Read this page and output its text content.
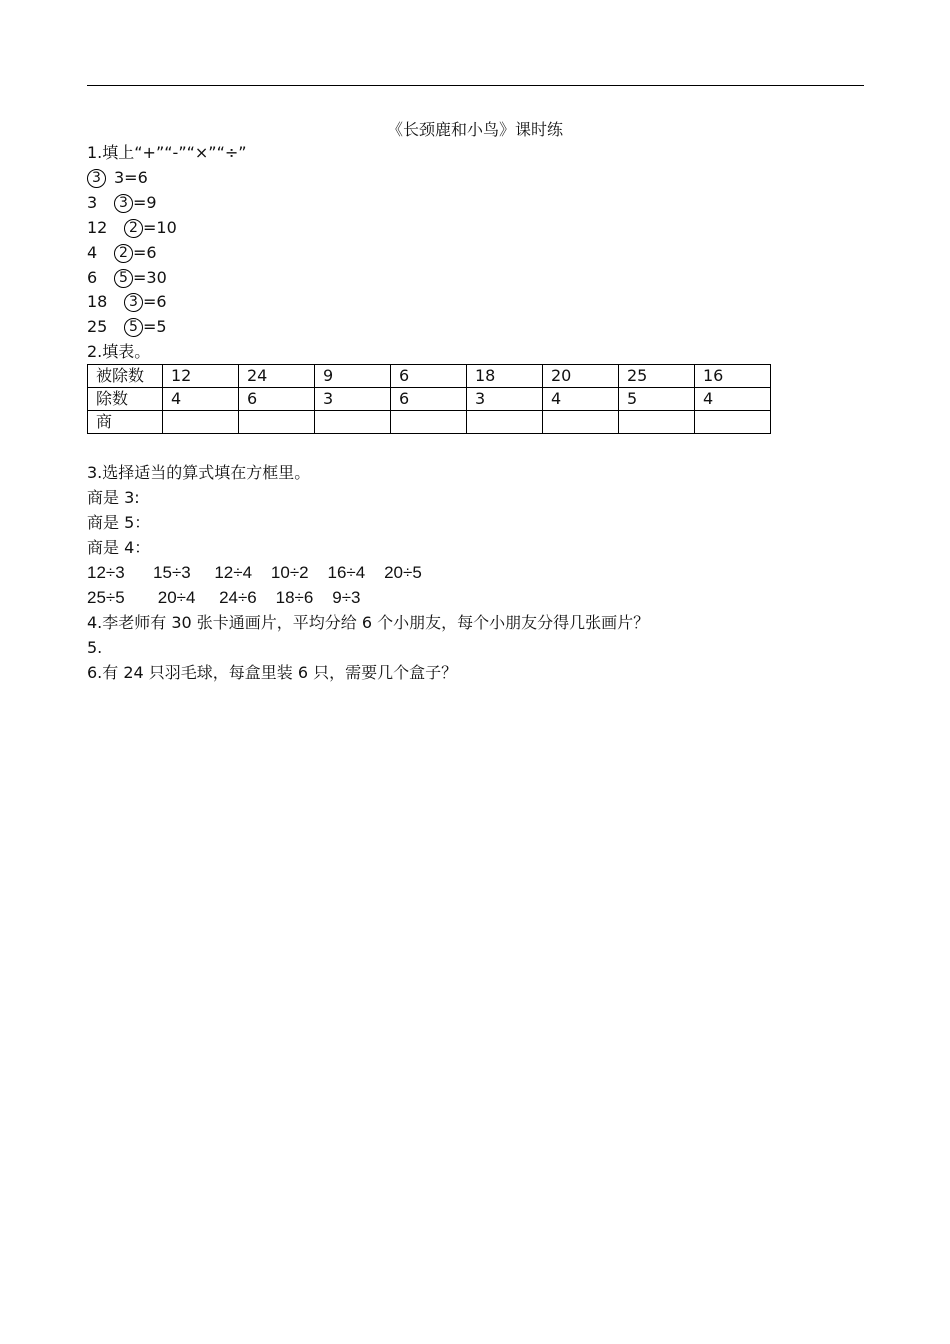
《长颈鹿和小鸟》课时练
1.填上“+”“-”“×”“÷”
3 3=6
3 3 =9
12 2 =10
4 2 =6
6 5 =30
18 3 =6
25 5 =5
2.填表。
被除数	12	24	9	6	18	20	25	16
除数	4	6	3	6	3	4	5	4
商								
3.选择适当的算式填在方框里。
商是 3:
商是 5：
商是 4：
12÷3      15÷3     12÷4    10÷2    16÷4    20÷5
25÷5       20÷4     24÷6    18÷6    9÷3
4.李老师有 30 张卡通画片，平均分给 6 个小朋友，每个小朋友分得几张画片？
5.
6.有 24 只羽毛球，每盒里装 6 只，需要几个盒子？
